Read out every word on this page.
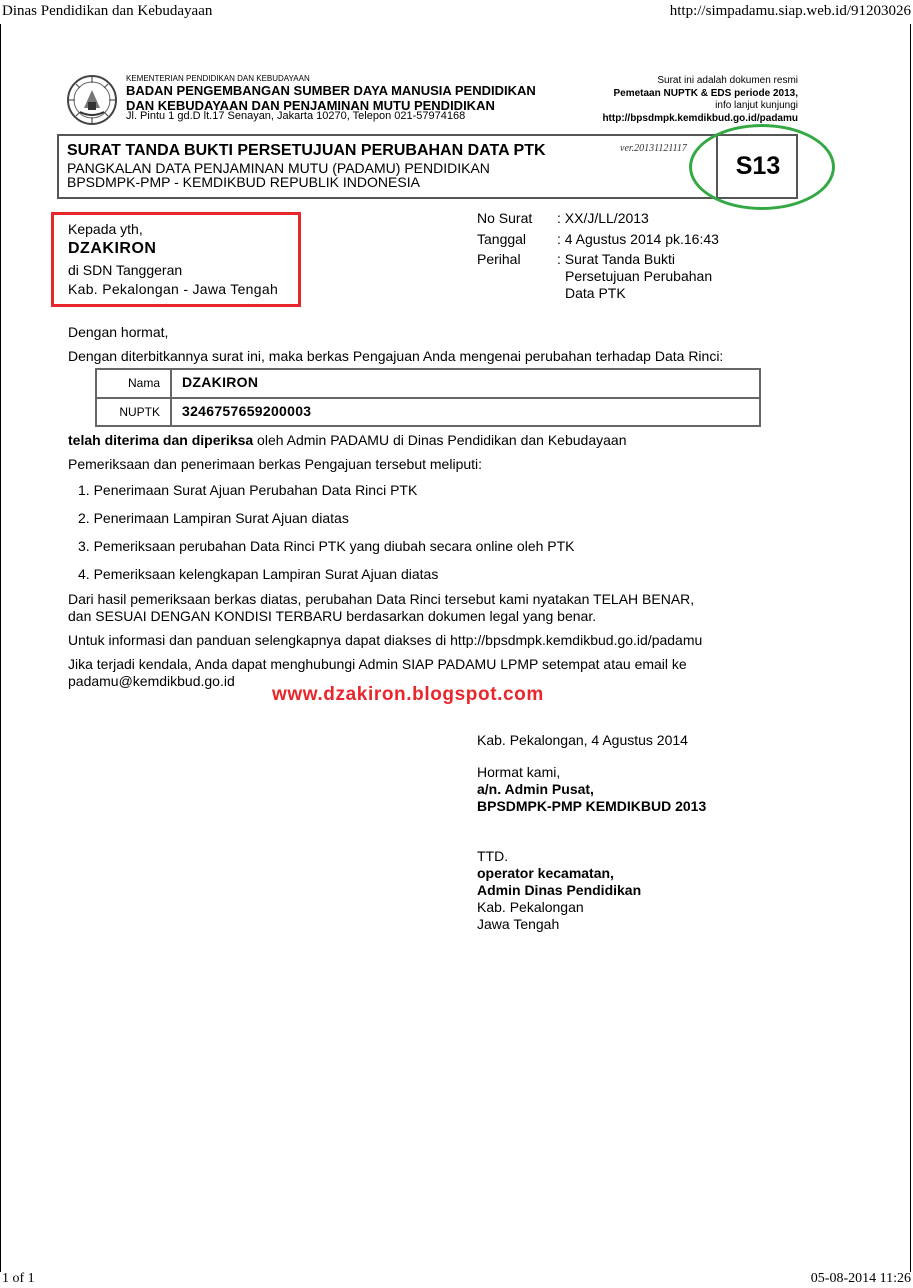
Dinas Pendidikan dan Kebudayaan	http://simpadamu.siap.web.id/91203026
KEMENTERIAN PENDIDIKAN DAN KEBUDAYAAN
BADAN PENGEMBANGAN SUMBER DAYA MANUSIA PENDIDIKAN
DAN KEBUDAYAAN DAN PENJAMINAN MUTU PENDIDIKAN
Jl. Pintu 1 gd.D lt.17 Senayan, Jakarta 10270, Telepon 021-57974168
Surat ini adalah dokumen resmi
Pemetaan NUPTK & EDS periode 2013,
info lanjut kunjungi
http://bpsdmpk.kemdikbud.go.id/padamu
SURAT TANDA BUKTI PERSETUJUAN PERUBAHAN DATA PTK
PANGKALAN DATA PENJAMINAN MUTU (PADAMU) PENDIDIKAN
BPSDMPK-PMP - KEMDIKBUD REPUBLIK INDONESIA
ver.20131121117
S13
Kepada yth,
DZAKIRON
di SDN Tanggeran
Kab. Pekalongan - Jawa Tengah
No Surat : XX/J/LL/2013
Tanggal : 4 Agustus 2014 pk.16:43
Perihal	: Surat Tanda Bukti
Persetujuan Perubahan
Data PTK
Dengan hormat,
Dengan diterbitkannya surat ini, maka berkas Pengajuan Anda mengenai perubahan terhadap Data Rinci:
Nama DZAKIRON
NUPTK 3246757659200003
telah diterima dan diperiksa oleh Admin PADAMU di Dinas Pendidikan dan Kebudayaan
Pemeriksaan dan penerimaan berkas Pengajuan tersebut meliputi:
1. Penerimaan Surat Ajuan Perubahan Data Rinci PTK
2. Penerimaan Lampiran Surat Ajuan diatas
3. Pemeriksaan perubahan Data Rinci PTK yang diubah secara online oleh PTK
4. Pemeriksaan kelengkapan Lampiran Surat Ajuan diatas
Dari hasil pemeriksaan berkas diatas, perubahan Data Rinci tersebut kami nyatakan TELAH BENAR,
dan SESUAI DENGAN KONDISI TERBARU berdasarkan dokumen legal yang benar.
Untuk informasi dan panduan selengkapnya dapat diakses di http://bpsdmpk.kemdikbud.go.id/padamu
Jika terjadi kendala, Anda dapat menghubungi Admin SIAP PADAMU LPMP setempat atau email ke
padamu@kemdikbud.go.id
www.dzakiron.blogspot.com
Kab. Pekalongan, 4 Agustus 2014
Hormat kami,
a/n. Admin Pusat,
BPSDMPK-PMP KEMDIKBUD 2013
TTD.
operator kecamatan,
Admin Dinas Pendidikan
Kab. Pekalongan
Jawa Tengah
1 of 1	05-08-2014 11:26
